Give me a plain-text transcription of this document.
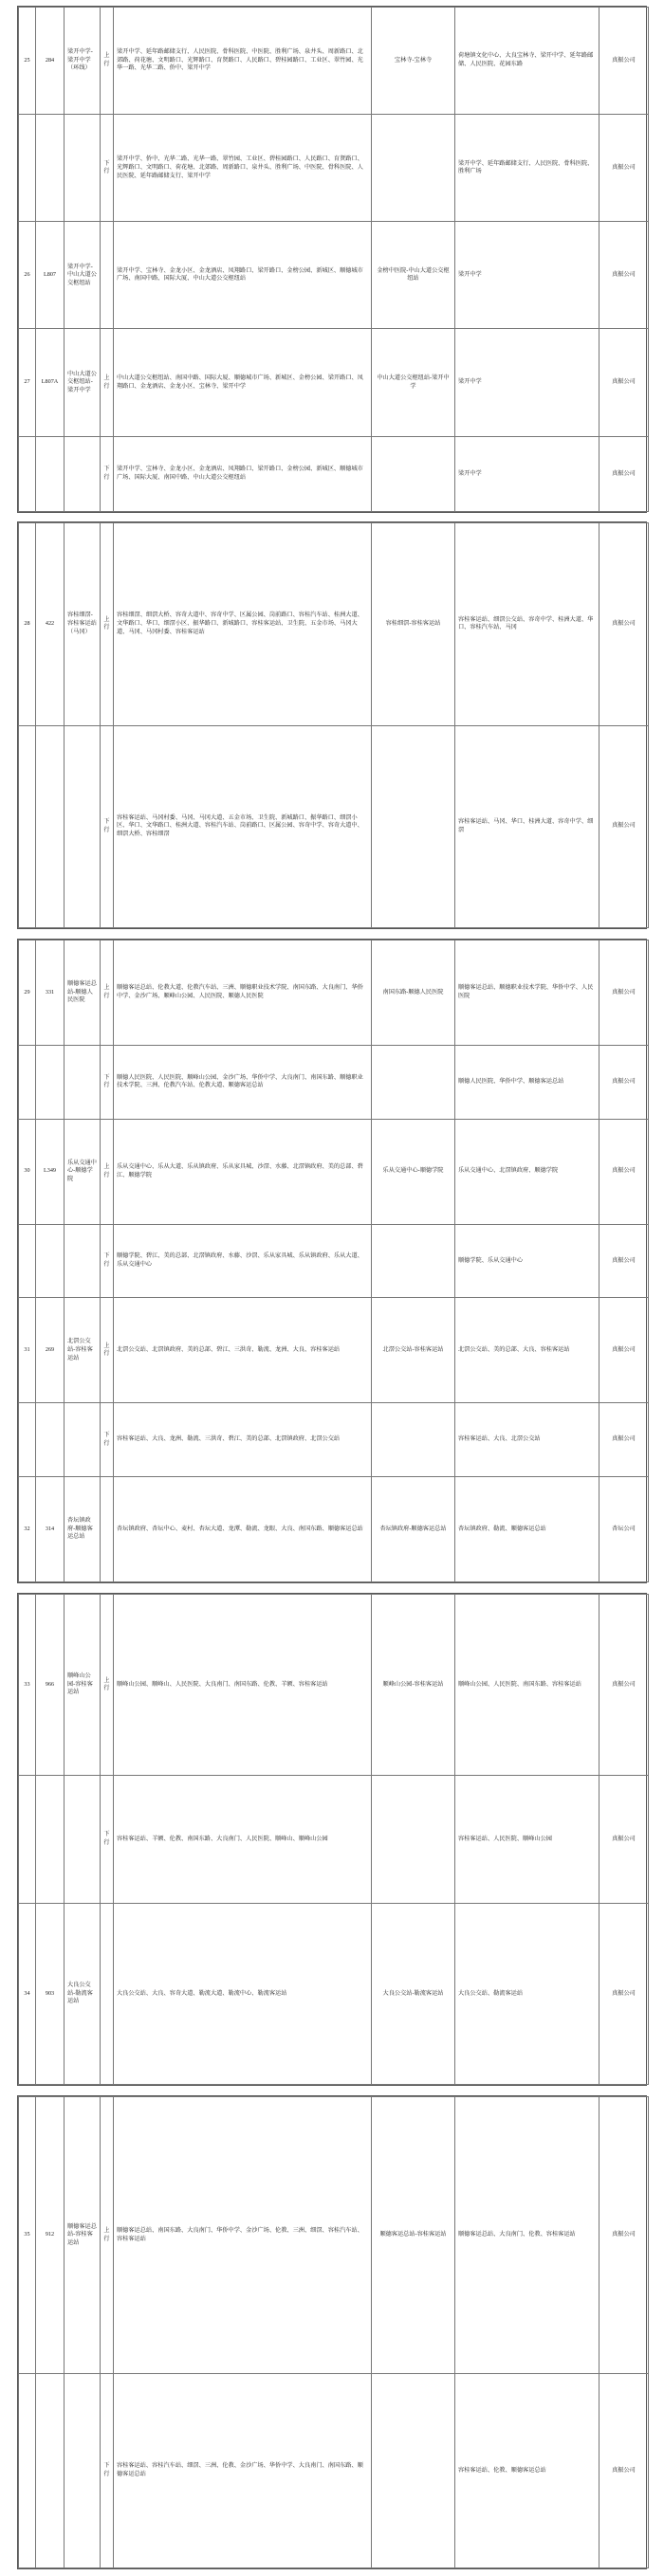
25	284	梁开中学-梁开中学（环线）	上行	梁开中学、延年路邮储支行、人民医院、骨科医院、中医院、胜利广场、泉井头、周新路口、北郊路、荷花塘、文明路口、光辉路口、育贤路口、人民路口、碧桂园路口、工业区、翠竹园、光华一路、光华二路、侨中、梁开中学	宝林寺-宝林寺	荷塘镇文化中心、大良宝林寺、梁开中学、延年路邮储、人民医院、花园东路	真振公司
			下行	梁开中学、侨中、光华二路、光华一路、翠竹园、工业区、碧桂园路口、人民路口、育贤路口、光辉路口、文明路口、荷花塘、北郊路、周新路口、泉井头、胜利广场、中医院、骨科医院、人民医院、延年路邮储支行、梁开中学		梁开中学、延年路邮储支行、人民医院、骨科医院、胜利广场	真振公司
26	L807	梁开中学-中山大道公交枢纽站		梁开中学、宝林寺、金龙小区、金龙酒店、凤翔路口、梁开路口、金榜公园、新城区、顺德城市广场、南国中路、国际大厦、中山大道公交枢纽站	金榜中医院-中山大道公交枢纽站	梁开中学	真振公司
27	L807A	中山大道公交枢纽站-梁开中学	上行	中山大道公交枢纽站、南国中路、国际大厦、顺德城市广场、新城区、金榜公园、梁开路口、凤翔路口、金龙酒店、金龙小区、宝林寺、梁开中学	中山大道公交枢纽站-梁开中学	梁开中学	真振公司
			下行	梁开中学、宝林寺、金龙小区、金龙酒店、凤翔路口、梁开路口、金榜公园、新城区、顺德城市广场、国际大厦、南国中路、中山大道公交枢纽站		梁开中学	真振公司
28	422	容桂细滘-容桂客运站（马冈）	上行	容桂细滘、细滘大桥、容奇大道中、容奇中学、区属公园、岗前路口、容桂汽车站、桂洲大道、文华路口、华口、细滘小区、振华路口、新城路口、容桂客运站、卫生院、五金市场、马冈大道、马冈、马冈村委、容桂客运站	容桂细滘-容桂客运站	容桂客运站、细滘公交站、容奇中学、桂洲大道、华口、容桂汽车站、马冈	真振公司
			下行	容桂客运站、马冈村委、马冈、马冈大道、五金市场、卫生院、新城路口、振华路口、细滘小区、华口、文华路口、桂洲大道、容桂汽车站、岗前路口、区属公园、容奇中学、容奇大道中、细滘大桥、容桂细滘		容桂客运站、马冈、华口、桂洲大道、容奇中学、细滘	真振公司
29	331	顺德客运总站-顺德人民医院	上行	顺德客运总站、伦教大道、伦教汽车站、三洲、顺德职业技术学院、南国东路、大良南门、华侨中学、金沙广场、顺峰山公园、人民医院、顺德人民医院	南国东路-顺德人民医院	顺德客运总站、顺德职业技术学院、华侨中学、人民医院	真振公司
			下行	顺德人民医院、人民医院、顺峰山公园、金沙广场、华侨中学、大良南门、南国东路、顺德职业技术学院、三洲、伦教汽车站、伦教大道、顺德客运总站		顺德人民医院、华侨中学、顺德客运总站	真振公司
30	L349	乐从交通中心-顺德学院	上行	乐从交通中心、乐从大道、乐从镇政府、乐从家具城、沙滘、水藤、北滘镇政府、美的总部、碧江、顺德学院	乐从交通中心-顺德学院	乐从交通中心、北滘镇政府、顺德学院	真振公司
			下行	顺德学院、碧江、美的总部、北滘镇政府、水藤、沙滘、乐从家具城、乐从镇政府、乐从大道、乐从交通中心		顺德学院、乐从交通中心	真振公司
31	269	北滘公交站-容桂客运站	上行	北滘公交站、北滘镇政府、美的总部、碧江、三洪奇、勒流、龙洲、大良、容桂客运站	北滘公交站-容桂客运站	北滘公交站、美的总部、大良、容桂客运站	真振公司
			下行	容桂客运站、大良、龙洲、勒流、三洪奇、碧江、美的总部、北滘镇政府、北滘公交站		容桂客运站、大良、北滘公交站	真振公司
32	314	杏坛镇政府-顺德客运总站		杏坛镇政府、杏坛中心、麦村、杏坛大道、龙潭、勒流、龙眼、大良、南国东路、顺德客运总站	杏坛镇政府-顺德客运总站	杏坛镇政府、勒流、顺德客运总站	杏坛公司
33	966	顺峰山公园-容桂客运站	上行	顺峰山公园、顺峰山、人民医院、大良南门、南国东路、伦教、羊额、容桂客运站	顺峰山公园-容桂客运站	顺峰山公园、人民医院、南国东路、容桂客运站	真振公司
			下行	容桂客运站、羊额、伦教、南国东路、大良南门、人民医院、顺峰山、顺峰山公园		容桂客运站、人民医院、顺峰山公园	真振公司
34	903	大良公交站-勒流客运站		大良公交站、大良、容奇大道、勒流大道、勒流中心、勒流客运站	大良公交站-勒流客运站	大良公交站、勒流客运站	真振公司
35	912	顺德客运总站-容桂客运站	上行	顺德客运总站、南国东路、大良南门、华侨中学、金沙广场、伦教、三洲、细滘、容桂汽车站、容桂客运站	顺德客运总站-容桂客运站	顺德客运总站、大良南门、伦教、容桂客运站	真振公司
			下行	容桂客运站、容桂汽车站、细滘、三洲、伦教、金沙广场、华侨中学、大良南门、南国东路、顺德客运总站		容桂客运站、伦教、顺德客运总站	真振公司
